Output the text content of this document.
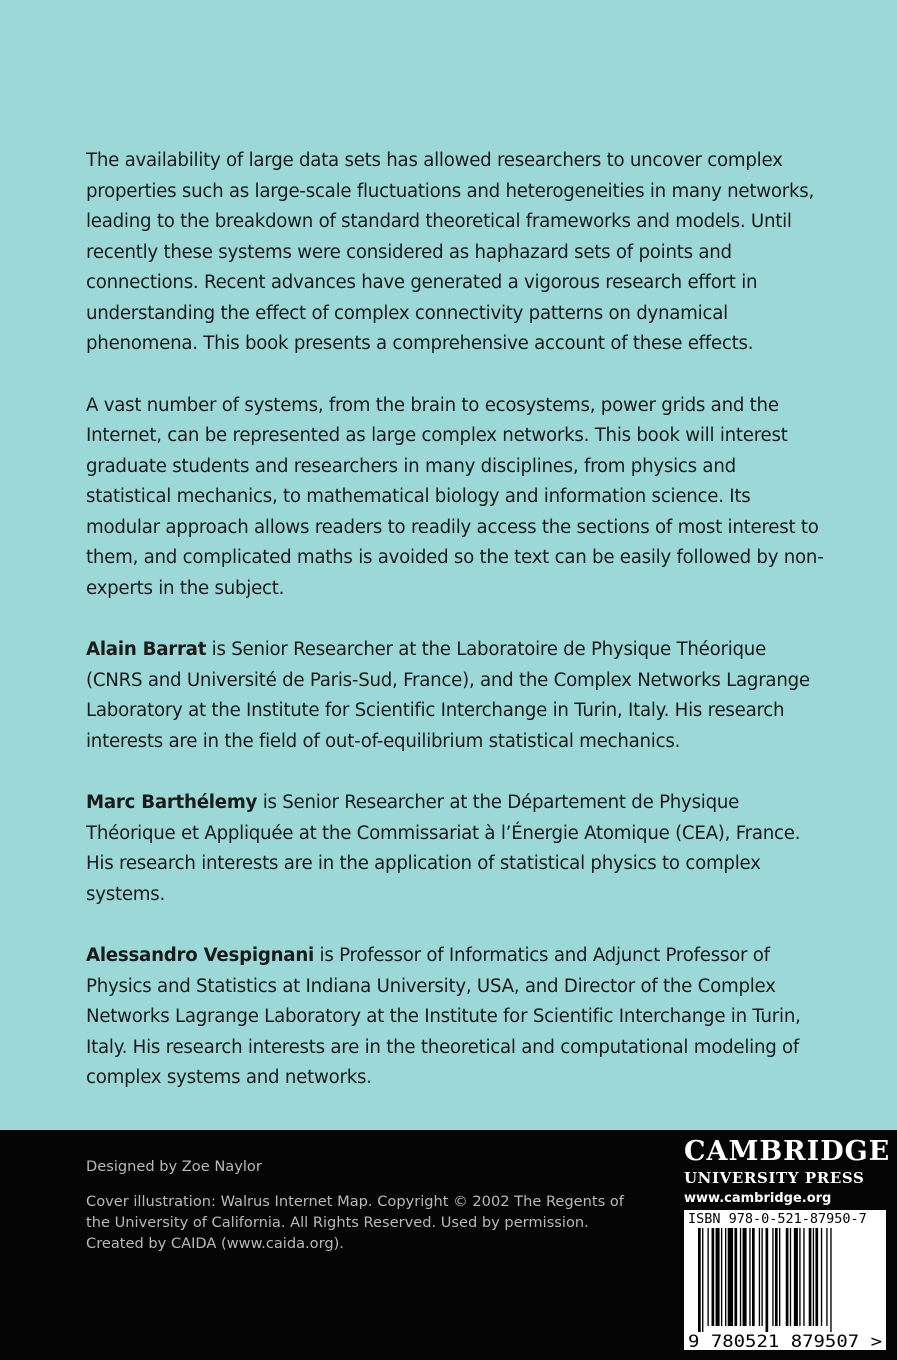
The availability of large data sets has allowed researchers to uncover complex properties such as large-scale fluctuations and heterogeneities in many networks, leading to the breakdown of standard theoretical frameworks and models. Until recently these systems were considered as haphazard sets of points and connections. Recent advances have generated a vigorous research effort in understanding the effect of complex connectivity patterns on dynamical phenomena. This book presents a comprehensive account of these effects.

A vast number of systems, from the brain to ecosystems, power grids and the Internet, can be represented as large complex networks. This book will interest graduate students and researchers in many disciplines, from physics and statistical mechanics, to mathematical biology and information science. Its modular approach allows readers to readily access the sections of most interest to them, and complicated maths is avoided so the text can be easily followed by non-experts in the subject.

Alain Barrat is Senior Researcher at the Laboratoire de Physique Théorique (CNRS and Université de Paris-Sud, France), and the Complex Networks Lagrange Laboratory at the Institute for Scientific Interchange in Turin, Italy. His research interests are in the field of out-of-equilibrium statistical mechanics.

Marc Barthélemy is Senior Researcher at the Département de Physique Théorique et Appliquée at the Commissariat à l’Énergie Atomique (CEA), France. His research interests are in the application of statistical physics to complex systems.

Alessandro Vespignani is Professor of Informatics and Adjunct Professor of Physics and Statistics at Indiana University, USA, and Director of the Complex Networks Lagrange Laboratory at the Institute for Scientific Interchange in Turin, Italy. His research interests are in the theoretical and computational modeling of complex systems and networks.

Designed by Zoe Naylor

Cover illustration: Walrus Internet Map. Copyright © 2002 The Regents of the University of California. All Rights Reserved. Used by permission. Created by CAIDA (www.caida.org).

CAMBRIDGE
UNIVERSITY PRESS
www.cambridge.org
ISBN 978-0-521-87950-7
9 780521 879507 >
